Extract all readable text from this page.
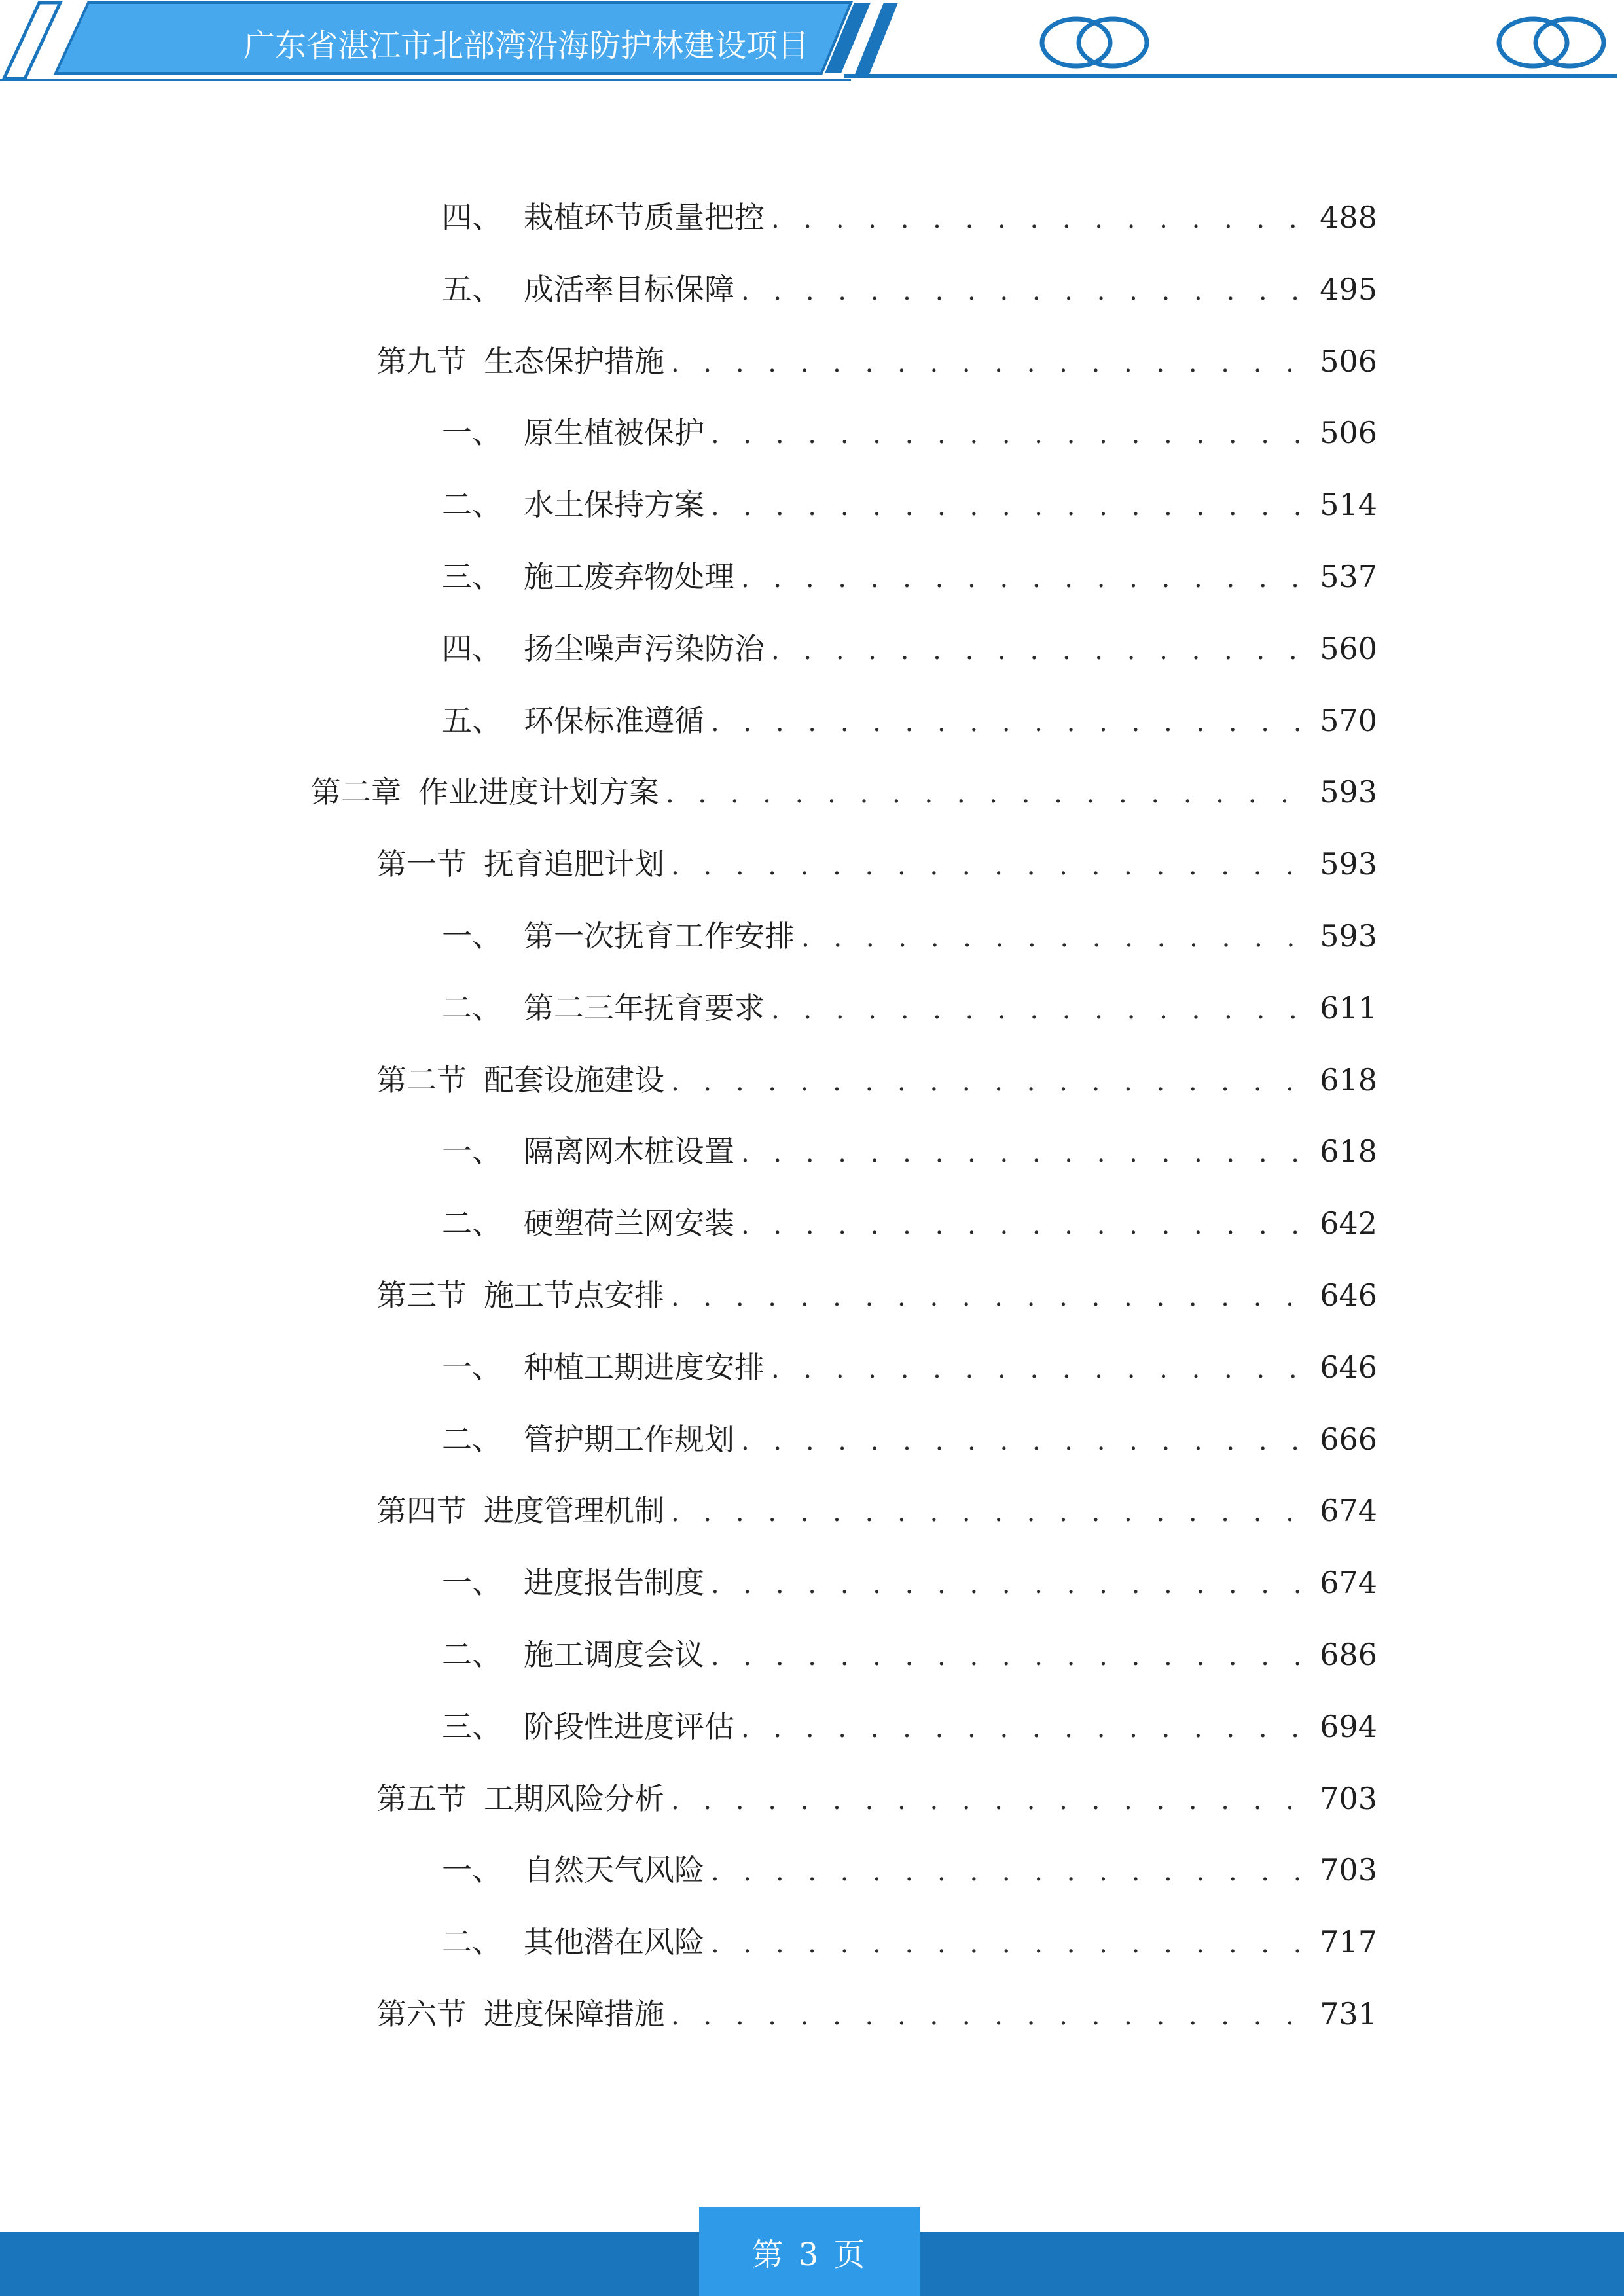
广东省湛江市北部湾沿海防护林建设项目
四、 栽植环节质量把控 . . .	488
五、 成活率目标保障 . . .	495
第九节 生态保护措施 . . .	506
一、 原生植被保护 . . .	506
二、 水土保持方案 . . .	514
三、 施工废弃物处理 . . .	537
四、 扬尘噪声污染防治 . . .	560
五、 环保标准遵循 . . .	570
第二章 作业进度计划方案 . . .	593
第一节 抚育追肥计划 . . .	593
一、 第一次抚育工作安排 . . .	593
二、 第二三年抚育要求 . . .	611
第二节 配套设施建设 . . .	618
一、 隔离网木桩设置 . . .	618
二、 硬塑荷兰网安装 . . .	642
第三节 施工节点安排 . . .	646
一、 种植工期进度安排 . . .	646
二、 管护期工作规划 . . .	666
第四节 进度管理机制 . . .	674
一、 进度报告制度 . . .	674
二、 施工调度会议 . . .	686
三、 阶段性进度评估 . . .	694
第五节 工期风险分析 . . .	703
一、 自然天气风险 . . .	703
二、 其他潜在风险 . . .	717
第六节 进度保障措施 . . .	731
第 3 页
